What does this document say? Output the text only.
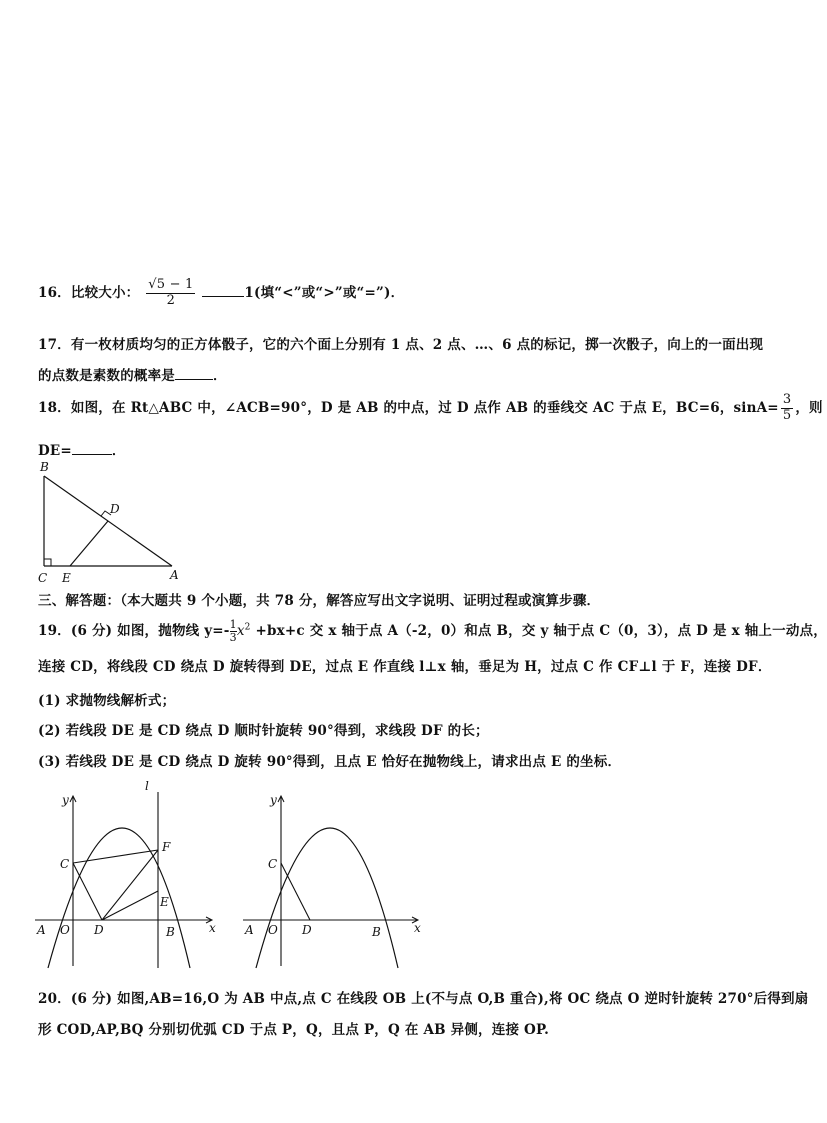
16．比较大小： $\frac{√5 - 1}{2}$	1(填“<”或“>”或“=”)．
17．有一枚材质均匀的正方体骰子，它的六个面上分别有 1 点、2 点、…、6 点的标记，掷一次骰子，向上的一面出现
的点数是素数的概率是	．
18．如图，在 Rt△ABC 中，∠ACB=90°，D 是 AB 的中点，过 D 点作 AB 的垂线交 AC 于点 E，BC=6，$\sin A= \frac{3}{5}$ ，则
DE=	．
B
D
C E	A
三、解答题：（本大题共 9 个小题，共 78 分，解答应写出文字说明、证明过程或演算步骤．
19．(6 分) 如图，抛物线 $y=- \frac{1}{3} x^2 +bx+c$ 交 x 轴于点 A（-2，0）和点 B，交 y 轴于点 C（0，3），点 D 是 x 轴上一动点，
连接 CD，将线段 CD 绕点 D 旋转得到 DE，过点 E 作直线 l⊥x 轴，垂足为 H，过点 C 作 CF⊥l 于 F，连接 DF．
(1) 求抛物线解析式；
(2) 若线段 DE 是 CD 绕点 D 顺时针旋转 90°得到，求线段 DF 的长；
(3) 若线段 DE 是 CD 绕点 D 旋转 90°得到，且点 E 恰好在抛物线上，请求出点 E 的坐标．
y
l
C
F
E
A O D	B	x
y
C
A O D	B	x
20．(6 分) 如图,AB=16,O 为 AB 中点,点 C 在线段 OB 上(不与点 O,B 重合),将 OC 绕点 O 逆时针旋转 270°后得到扇
形 COD,AP,BQ 分别切优弧 CD 于点 P，Q，且点 P，Q 在 AB 异侧，连接 OP.
